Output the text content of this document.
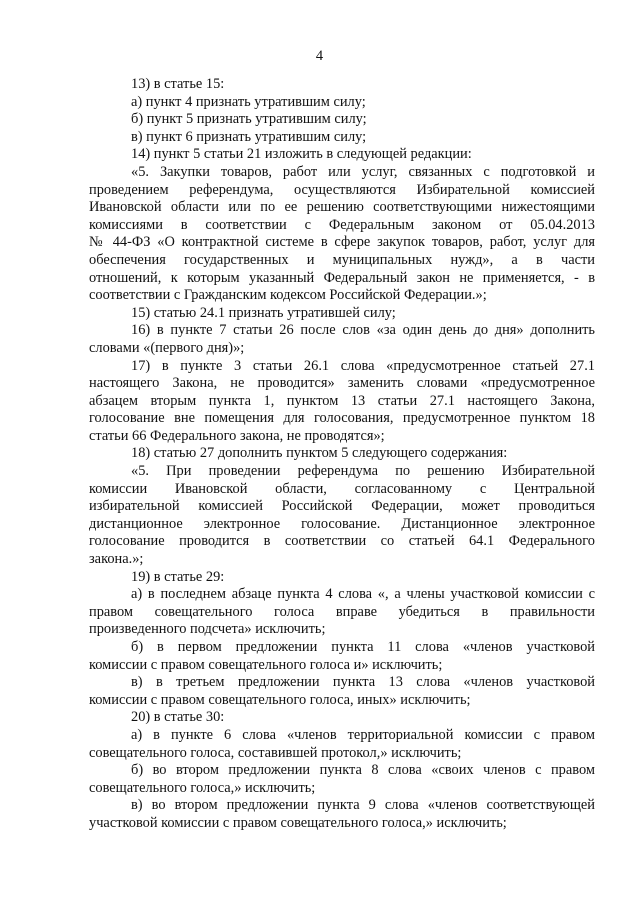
4
13) в статье 15:
а) пункт 4 признать утратившим силу;
б) пункт 5 признать утратившим силу;
в) пункт 6 признать утратившим силу;
14) пункт 5 статьи 21 изложить в следующей редакции:
«5. Закупки товаров, работ или услуг, связанных с подготовкой и
проведением референдума, осуществляются Избирательной комиссией
Ивановской области или по ее решению соответствующими нижестоящими
комиссиями в соответствии с Федеральным законом от 05.04.2013
№ 44-ФЗ «О контрактной системе в сфере закупок товаров, работ, услуг для
обеспечения государственных и муниципальных нужд», а в части
отношений, к которым указанный Федеральный закон не применяется, - в
соответствии с Гражданским кодексом Российской Федерации.»;
15) статью 24.1 признать утратившей силу;
16) в пункте 7 статьи 26 после слов «за один день до дня» дополнить
словами «(первого дня)»;
17) в пункте 3 статьи 26.1 слова «предусмотренное статьей 27.1
настоящего Закона, не проводится» заменить словами «предусмотренное
абзацем вторым пункта 1, пунктом 13 статьи 27.1 настоящего Закона,
голосование вне помещения для голосования, предусмотренное пунктом 18
статьи 66 Федерального закона, не проводятся»;
18) статью 27 дополнить пунктом 5 следующего содержания:
«5. При проведении референдума по решению Избирательной
комиссии Ивановской области, согласованному с Центральной
избирательной комиссией Российской Федерации, может проводиться
дистанционное электронное голосование. Дистанционное электронное
голосование проводится в соответствии со статьей 64.1 Федерального
закона.»;
19) в статье 29:
а) в последнем абзаце пункта 4 слова «, а члены участковой комиссии с
правом совещательного голоса вправе убедиться в правильности
произведенного подсчета» исключить;
б) в первом предложении пункта 11 слова «членов участковой
комиссии с правом совещательного голоса и» исключить;
в) в третьем предложении пункта 13 слова «членов участковой
комиссии с правом совещательного голоса, иных» исключить;
20) в статье 30:
а) в пункте 6 слова «членов территориальной комиссии с правом
совещательного голоса, составившей протокол,» исключить;
б) во втором предложении пункта 8 слова «своих членов с правом
совещательного голоса,» исключить;
в) во втором предложении пункта 9 слова «членов соответствующей
участковой комиссии с правом совещательного голоса,» исключить;
